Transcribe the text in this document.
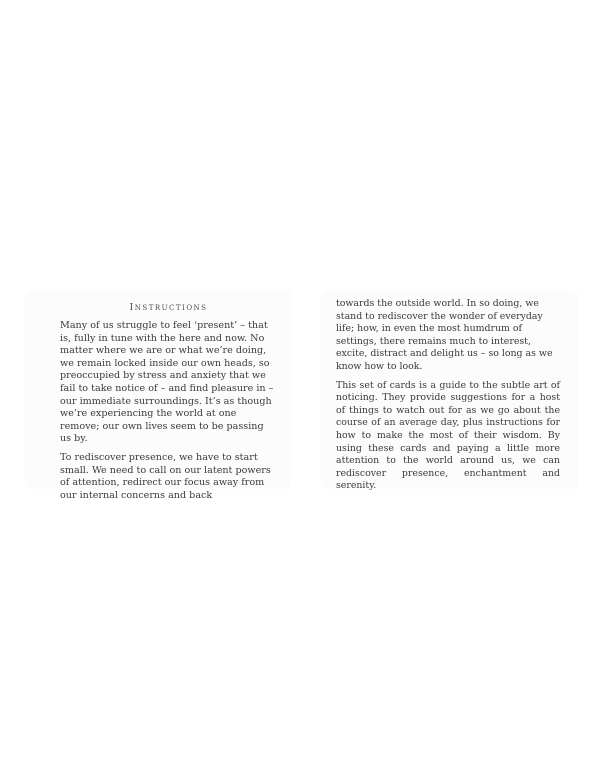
Instructions

Many of us struggle to feel ‘present’ – that is, fully in tune with the here and now. No matter where we are or what we’re doing, we remain locked inside our own heads, so preoccupied by stress and anxiety that we fail to take notice of – and find pleasure in – our immediate surroundings. It’s as though we’re experiencing the world at one remove; our own lives seem to be passing us by.

To rediscover presence, we have to start small. We need to call on our latent powers of attention, redirect our focus away from our internal concerns and back

towards the outside world. In so doing, we stand to rediscover the wonder of everyday life; how, in even the most humdrum of settings, there remains much to interest, excite, distract and delight us – so long as we know how to look.

This set of cards is a guide to the subtle art of noticing. They provide suggestions for a host of things to watch out for as we go about the course of an average day, plus instructions for how to make the most of their wisdom. By using these cards and paying a little more attention to the world around us, we can rediscover presence, enchantment and serenity.
